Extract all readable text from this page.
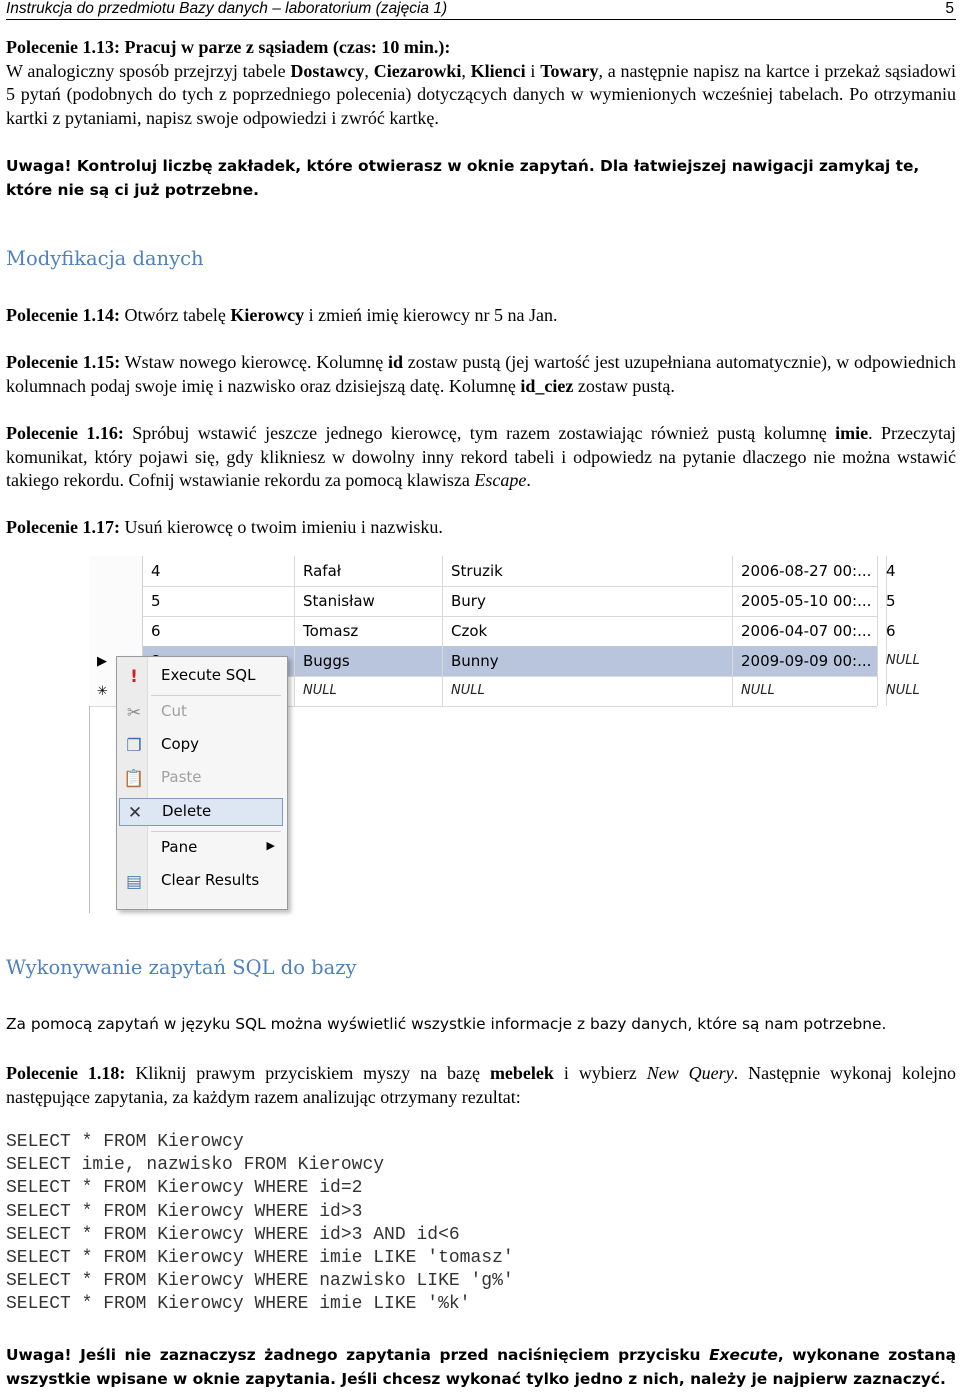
Instrukcja do przedmiotu Bazy danych – laboratorium (zajęcia 1)	5
Polecenie 1.13: Pracuj w parze z sąsiadem (czas: 10 min.):
W analogiczny sposób przejrzyj tabele Dostawcy, Ciezarowki, Klienci i Towary, a następnie napisz na kartce i przekaż sąsiadowi 5 pytań (podobnych do tych z poprzedniego polecenia) dotyczących danych w wymienionych wcześniej tabelach. Po otrzymaniu kartki z pytaniami, napisz swoje odpowiedzi i zwróć kartkę.
Uwaga! Kontroluj liczbę zakładek, które otwierasz w oknie zapytań. Dla łatwiejszej nawigacji zamykaj te, które nie są ci już potrzebne.
Modyfikacja danych
Polecenie 1.14: Otwórz tabelę Kierowcy i zmień imię kierowcy nr 5 na Jan.
Polecenie 1.15: Wstaw nowego kierowcę. Kolumnę id zostaw pustą (jej wartość jest uzupełniana automatycznie), w odpowiednich kolumnach podaj swoje imię i nazwisko oraz dzisiejszą datę. Kolumnę id_ciez zostaw pustą.
Polecenie 1.16: Spróbuj wstawić jeszcze jednego kierowcę, tym razem zostawiając również pustą kolumnę imie. Przeczytaj komunikat, który pojawi się, gdy klikniesz w dowolny inny rekord tabeli i odpowiedz na pytanie dlaczego nie można wstawić takiego rekordu. Cofnij wstawianie rekordu za pomocą klawisza Escape.
Polecenie 1.17: Usuń kierowcę o twoim imieniu i nazwisku.
4	Rafał	Struzik	2006-08-27 00:... 4
5	Stanisław	Bury	2005-05-10 00:... 5
6	Tomasz	Czok	2006-04-07 00:... 6
▶	Buggs	Bunny	2009-09-09 00:...	NULL
✳	NULL	NULL	NULL	NULL
!	Execute SQL
✂ Cut
❐ Copy
📋 Paste
✕ Delete
Pane	▶
▤ Clear Results
Wykonywanie zapytań SQL do bazy
Za pomocą zapytań w języku SQL można wyświetlić wszystkie informacje z bazy danych, które są nam potrzebne.
Polecenie 1.18: Kliknij prawym przyciskiem myszy na bazę mebelek i wybierz New Query. Następnie wykonaj kolejno następujące zapytania, za każdym razem analizując otrzymany rezultat:
SELECT * FROM Kierowcy
SELECT imie, nazwisko FROM Kierowcy
SELECT * FROM Kierowcy WHERE id=2
SELECT * FROM Kierowcy WHERE id>3
SELECT * FROM Kierowcy WHERE id>3 AND id<6
SELECT * FROM Kierowcy WHERE imie LIKE 'tomasz'
SELECT * FROM Kierowcy WHERE nazwisko LIKE 'g%'
SELECT * FROM Kierowcy WHERE imie LIKE '%k'
Uwaga! Jeśli nie zaznaczysz żadnego zapytania przed naciśnięciem przycisku Execute, wykonane zostaną wszystkie wpisane w oknie zapytania. Jeśli chcesz wykonać tylko jedno z nich, należy je najpierw zaznaczyć.
